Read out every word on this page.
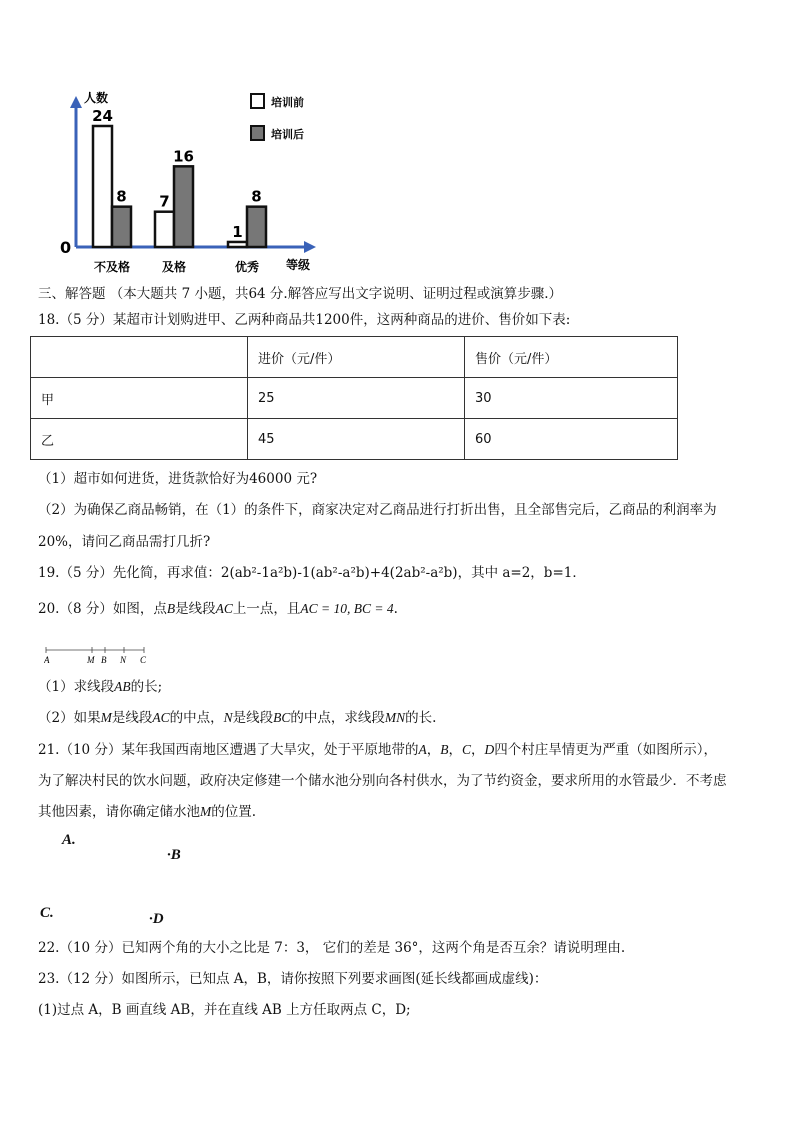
人数
等级
0
24
8
不及格
7
16
及格
1
8
优秀
培训前
培训后
三、解答题 （本大题共 7 小题，共64 分.解答应写出文字说明、证明过程或演算步骤.）
18.（5 分）某超市计划购进甲、乙两种商品共1200件，这两种商品的进价、售价如下表:
	进价（元/件）	售价（元/件）
甲	25	30
乙	45	60
（1）超市如何进货，进货款恰好为46000 元?
（2）为确保乙商品畅销，在（1）的条件下，商家决定对乙商品进行打折出售，且全部售完后，乙商品的利润率为
20%，请问乙商品需打几折?
19.（5 分）先化简，再求值：2(ab²-1a²b)-1(ab²-a²b)+4(2ab²-a²b)，其中 a=2，b=1．
20.（8 分）如图，点B是线段AC上一点，且AC = 10, BC = 4.
A	M B N C
（1）求线段AB的长;
（2）如果M是线段AC的中点，N是线段BC的中点，求线段MN的长.
21.（10 分）某年我国西南地区遭遇了大旱灾，处于平原地带的A，B，C，D四个村庄旱情更为严重（如图所示），
为了解决村民的饮水问题，政府决定修建一个储水池分别向各村供水，为了节约资金，要求所用的水管最少．不考虑
其他因素，请你确定储水池M的位置.
A.
·B
C.	·D
22.（10 分）已知两个角的大小之比是 7：3， 它们的差是 36°，这两个角是否互余？请说明理由.
23.（12 分）如图所示，已知点 A，B，请你按照下列要求画图(延长线都画成虚线)：
(1)过点 A，B 画直线 AB，并在直线 AB 上方任取两点 C，D;
